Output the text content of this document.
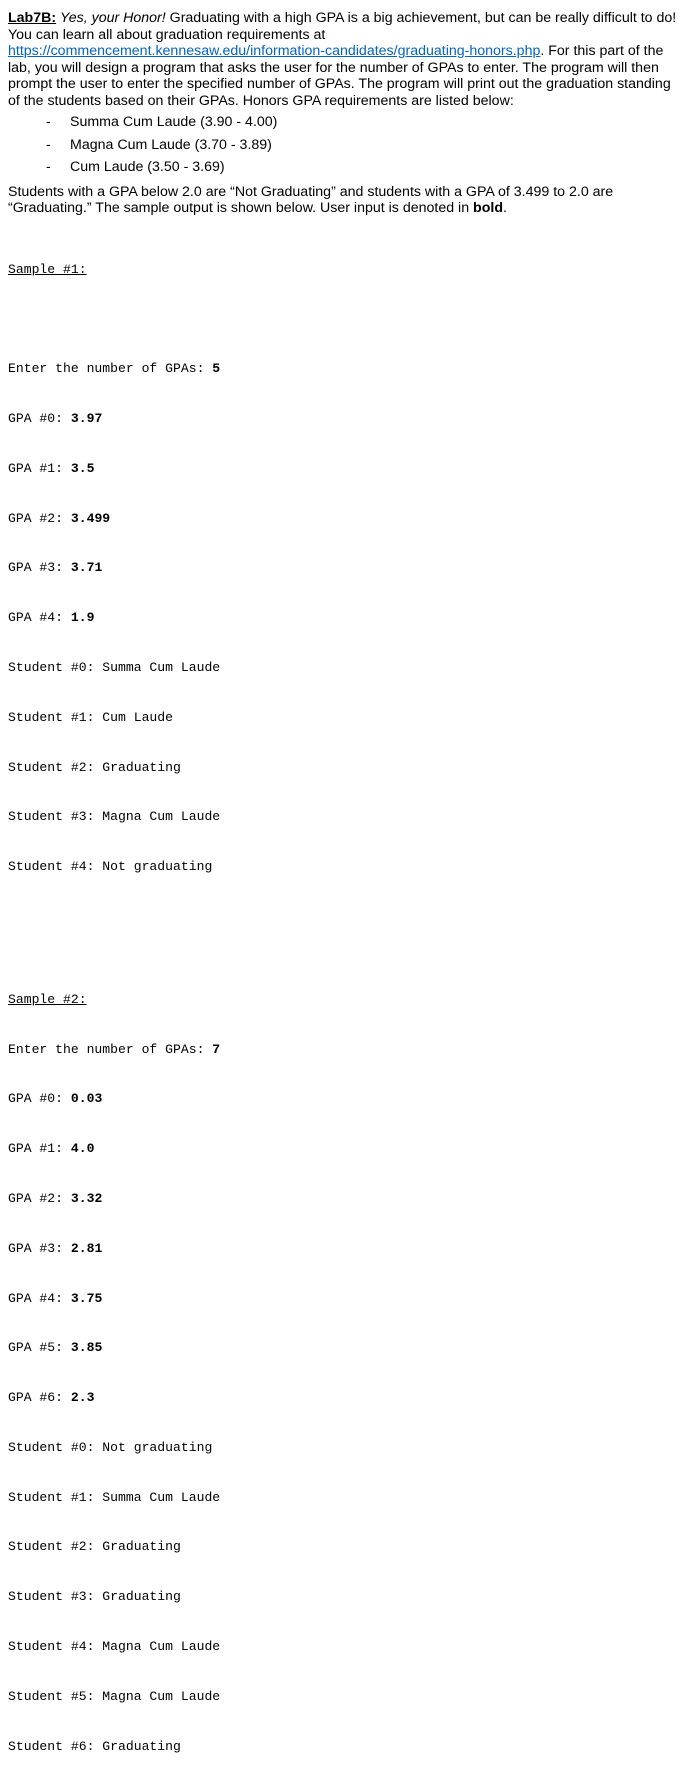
Lab7B: Yes, your Honor! Graduating with a high GPA is a big achievement, but can be really difficult to do! You can learn all about graduation requirements at
https://commencement.kennesaw.edu/information-candidates/graduating-honors.php. For this part of the lab, you will design a program that asks the user for the number of GPAs to enter. The program will then prompt the user to enter the specified number of GPAs. The program will print out the graduation standing of the students based on their GPAs. Honors GPA requirements are listed below:

- Summa Cum Laude (3.90 - 4.00)
- Magna Cum Laude (3.70 - 3.89)
- Cum Laude (3.50 - 3.69)

Students with a GPA below 2.0 are “Not Graduating” and students with a GPA of 3.499 to 2.0 are “Graduating.” The sample output is shown below. User input is denoted in bold.

Sample #1:

Enter the number of GPAs: 5

GPA #0: 3.97

GPA #1: 3.5

GPA #2: 3.499

GPA #3: 3.71

GPA #4: 1.9

Student #0: Summa Cum Laude

Student #1: Cum Laude

Student #2: Graduating

Student #3: Magna Cum Laude

Student #4: Not graduating

Sample #2:

Enter the number of GPAs: 7

GPA #0: 0.03

GPA #1: 4.0

GPA #2: 3.32

GPA #3: 2.81

GPA #4: 3.75

GPA #5: 3.85

GPA #6: 2.3

Student #0: Not graduating

Student #1: Summa Cum Laude

Student #2: Graduating

Student #3: Graduating

Student #4: Magna Cum Laude

Student #5: Magna Cum Laude

Student #6: Graduating
